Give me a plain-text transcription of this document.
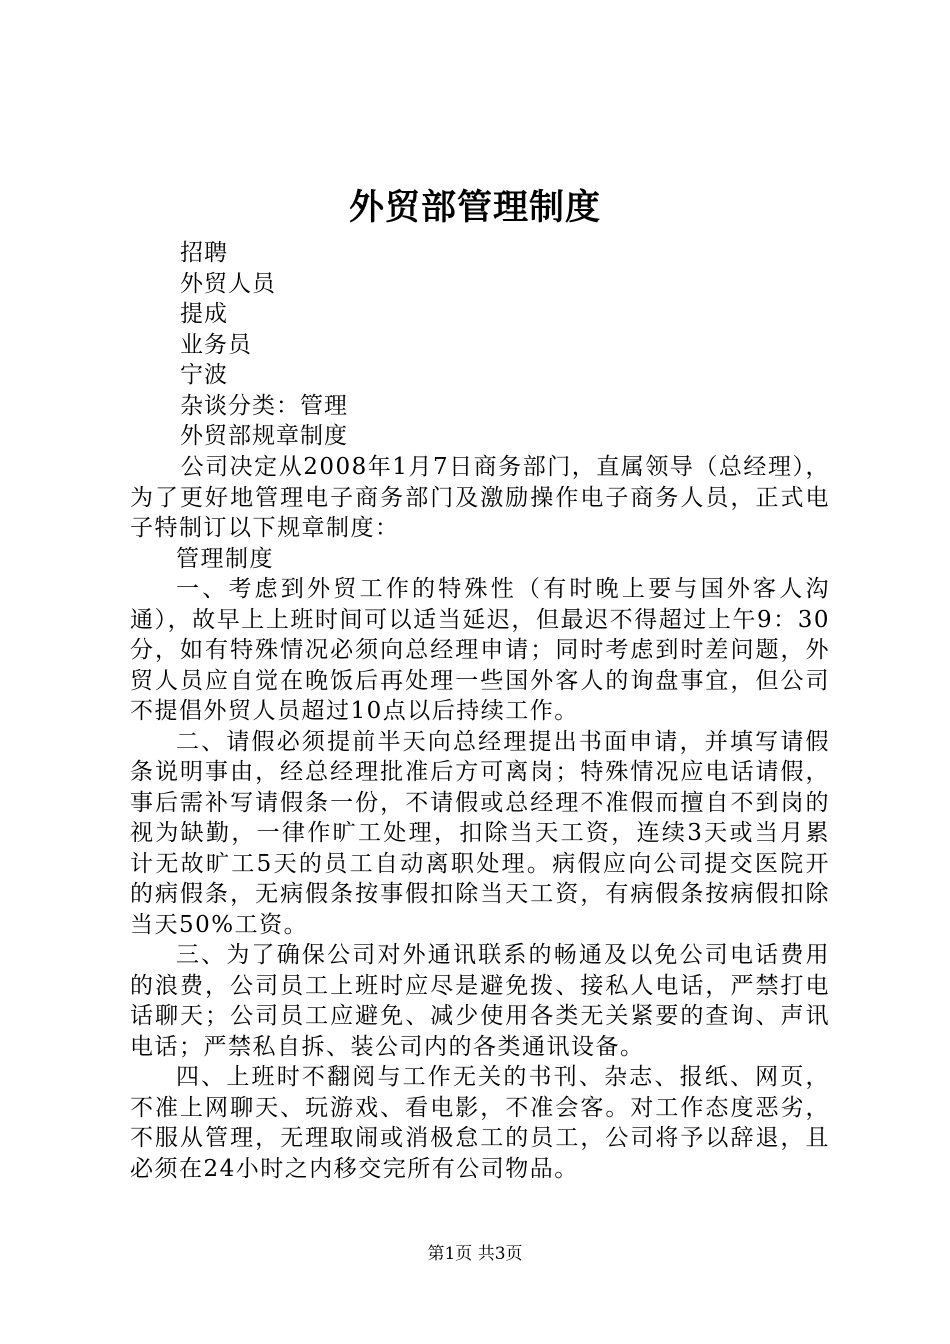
外贸部管理制度
招聘
外贸人员
提成
业务员
宁波
杂谈分类：管理
外贸部规章制度

公司决定从2008年1月7日商务部门，直属领导（总经理），为了更好地管理电子商务部门及激励操作电子商务人员，正式电子特制订以下规章制度：

管理制度

一、考虑到外贸工作的特殊性（有时晚上要与国外客人沟通），故早上上班时间可以适当延迟，但最迟不得超过上午9：30分，如有特殊情况必须向总经理申请；同时考虑到时差问题，外贸人员应自觉在晚饭后再处理一些国外客人的询盘事宜，但公司不提倡外贸人员超过10点以后持续工作。

二、请假必须提前半天向总经理提出书面申请，并填写请假条说明事由，经总经理批准后方可离岗；特殊情况应电话请假，事后需补写请假条一份，不请假或总经理不准假而擅自不到岗的视为缺勤，一律作旷工处理，扣除当天工资，连续3天或当月累计无故旷工5天的员工自动离职处理。病假应向公司提交医院开的病假条，无病假条按事假扣除当天工资，有病假条按病假扣除当天50%工资。

三、为了确保公司对外通讯联系的畅通及以免公司电话费用的浪费，公司员工上班时应尽是避免拨、接私人电话，严禁打电话聊天；公司员工应避免、减少使用各类无关紧要的查询、声讯电话；严禁私自拆、装公司内的各类通讯设备。

四、上班时不翻阅与工作无关的书刊、杂志、报纸、网页，不准上网聊天、玩游戏、看电影，不准会客。对工作态度恶劣，不服从管理，无理取闹或消极怠工的员工，公司将予以辞退，且必须在24小时之内移交完所有公司物品。

第1页 共3页
